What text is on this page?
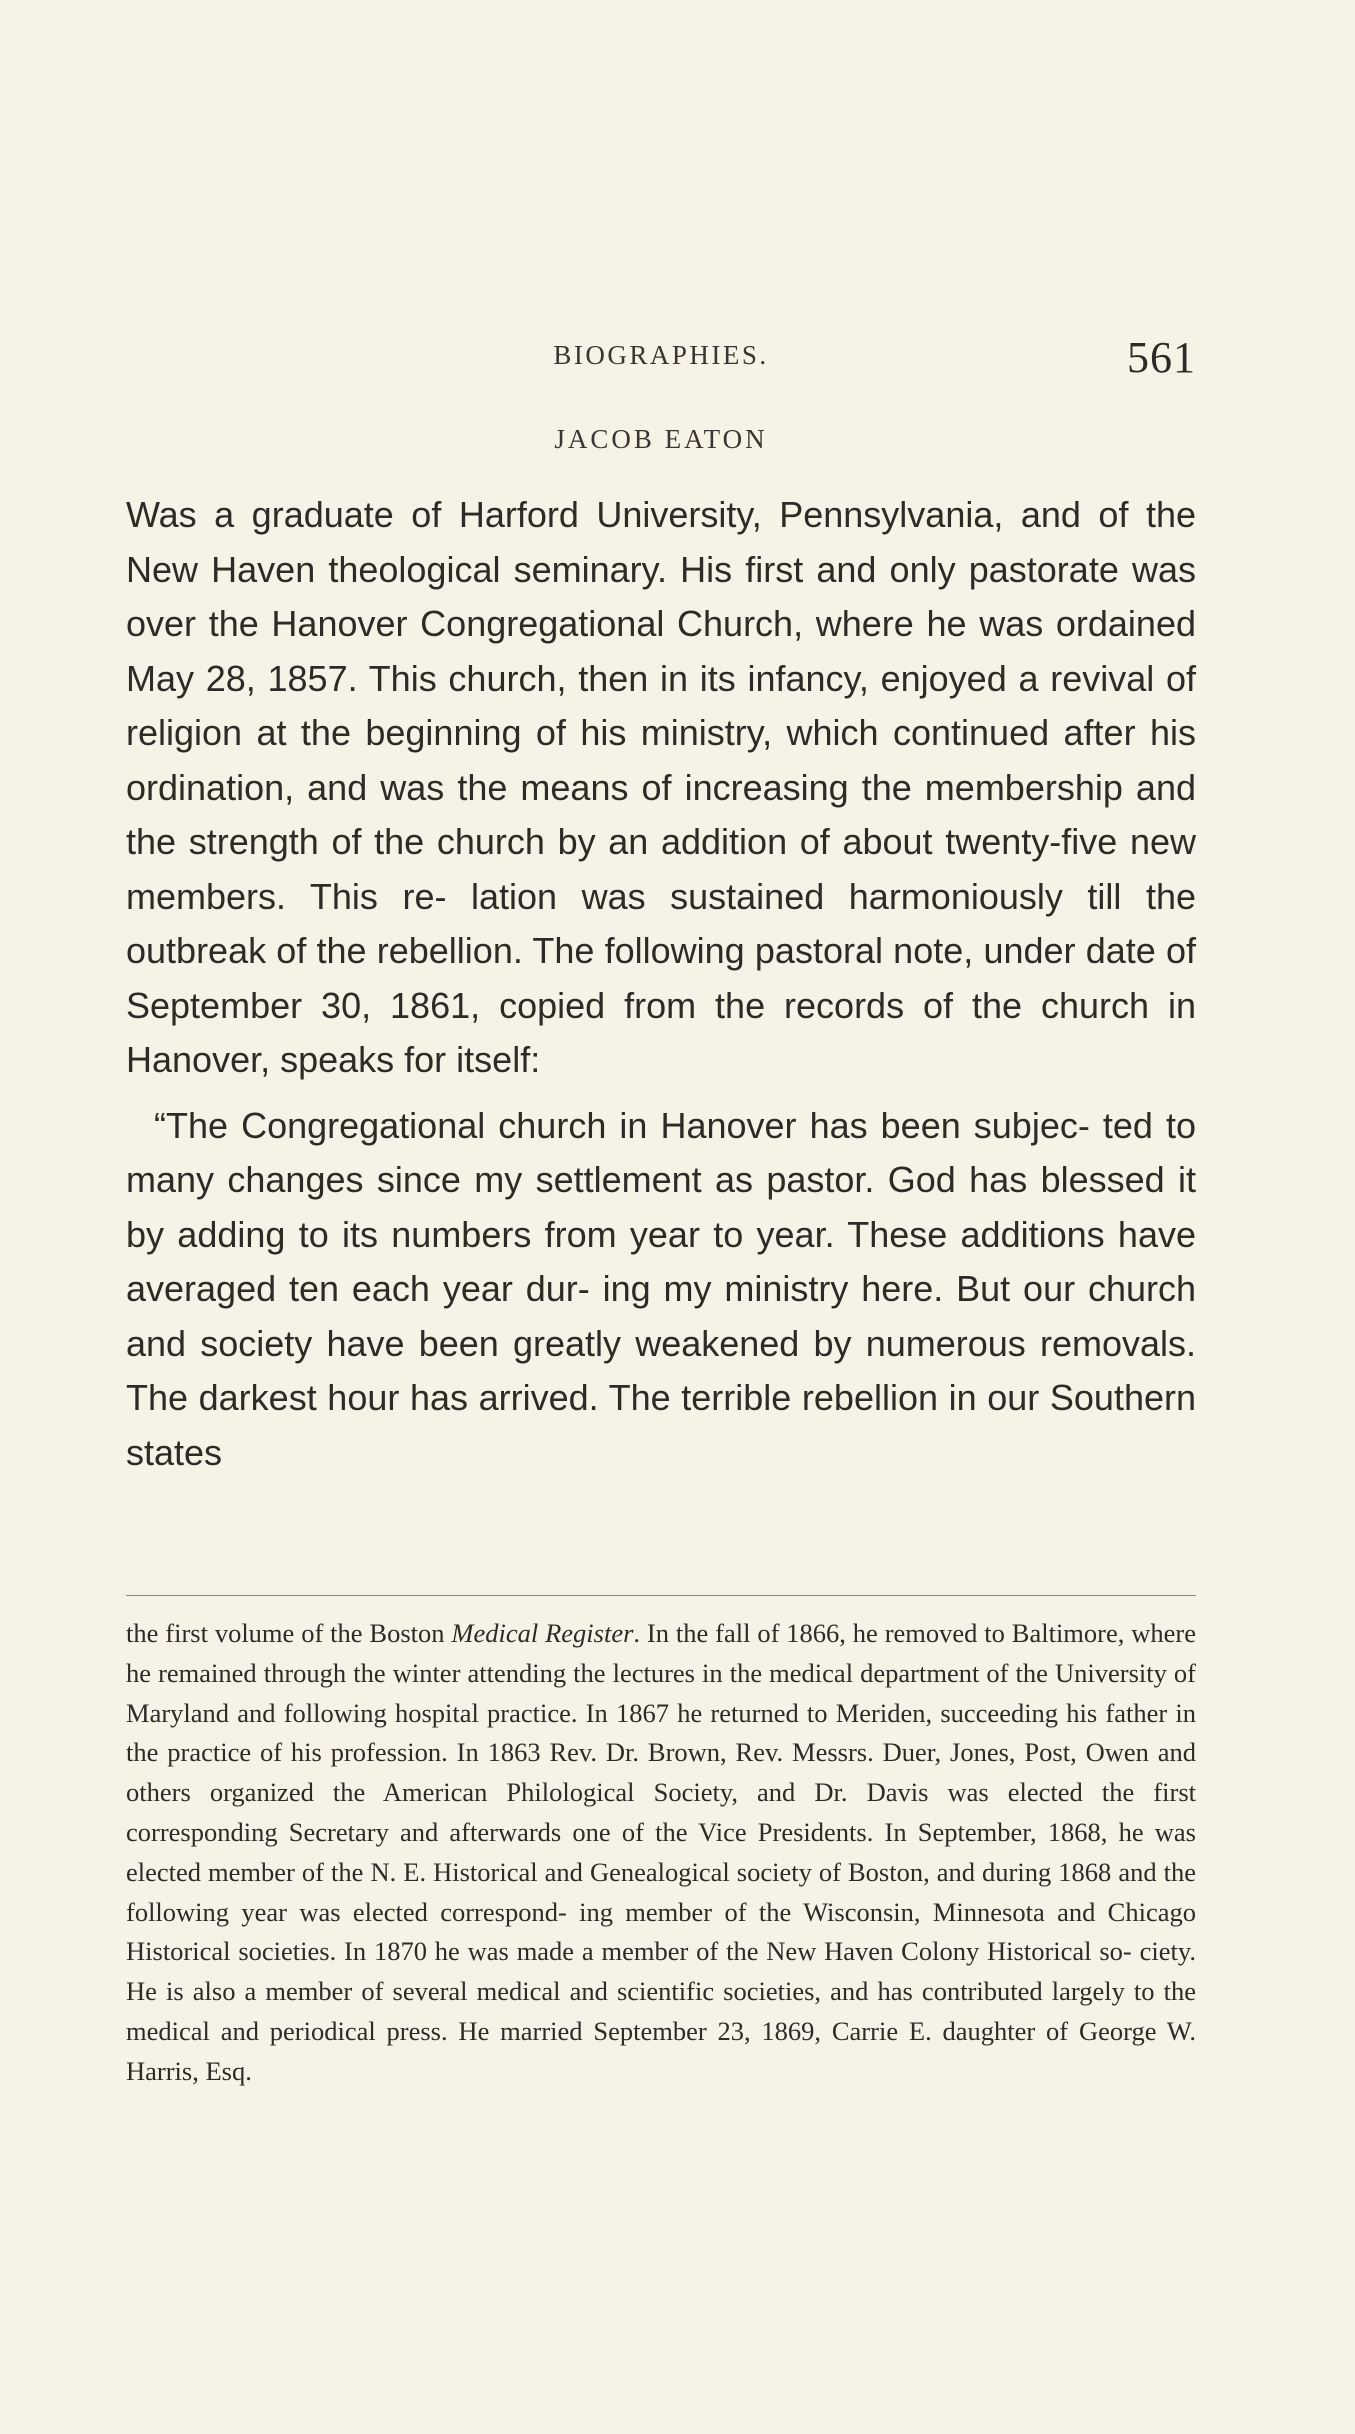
BIOGRAPHIES.	561
JACOB EATON

Was a graduate of Harford University, Pennsylvania, and of the New Haven theological seminary. His first and only pastorate was over the Hanover Congregational Church, where he was ordained May 28, 1857. This church, then in its infancy, enjoyed a revival of religion at the beginning of his ministry, which continued after his ordination, and was the means of increasing the membership and the strength of the church by an addition of about twenty-five new members. This re- lation was sustained harmoniously till the outbreak of the rebellion. The following pastoral note, under date of September 30, 1861, copied from the records of the church in Hanover, speaks for itself:

“The Congregational church in Hanover has been subjec- ted to many changes since my settlement as pastor. God has blessed it by adding to its numbers from year to year. These additions have averaged ten each year dur- ing my ministry here. But our church and society have been greatly weakened by numerous removals. The darkest hour has arrived. The terrible rebellion in our Southern states

the first volume of the Boston Medical Register. In the fall of 1866, he removed to Baltimore, where he remained through the winter attending the lectures in the medical department of the University of Maryland and following hospital practice. In 1867 he returned to Meriden, succeeding his father in the practice of his profession. In 1863 Rev. Dr. Brown, Rev. Messrs. Duer, Jones, Post, Owen and others organized the American Philological Society, and Dr. Davis was elected the first corresponding Secretary and afterwards one of the Vice Presidents. In September, 1868, he was elected member of the N. E. Historical and Genealogical society of Boston, and during 1868 and the following year was elected correspond- ing member of the Wisconsin, Minnesota and Chicago Historical societies. In 1870 he was made a member of the New Haven Colony Historical so- ciety. He is also a member of several medical and scientific societies, and has contributed largely to the medical and periodical press. He married September 23, 1869, Carrie E. daughter of George W. Harris, Esq.
